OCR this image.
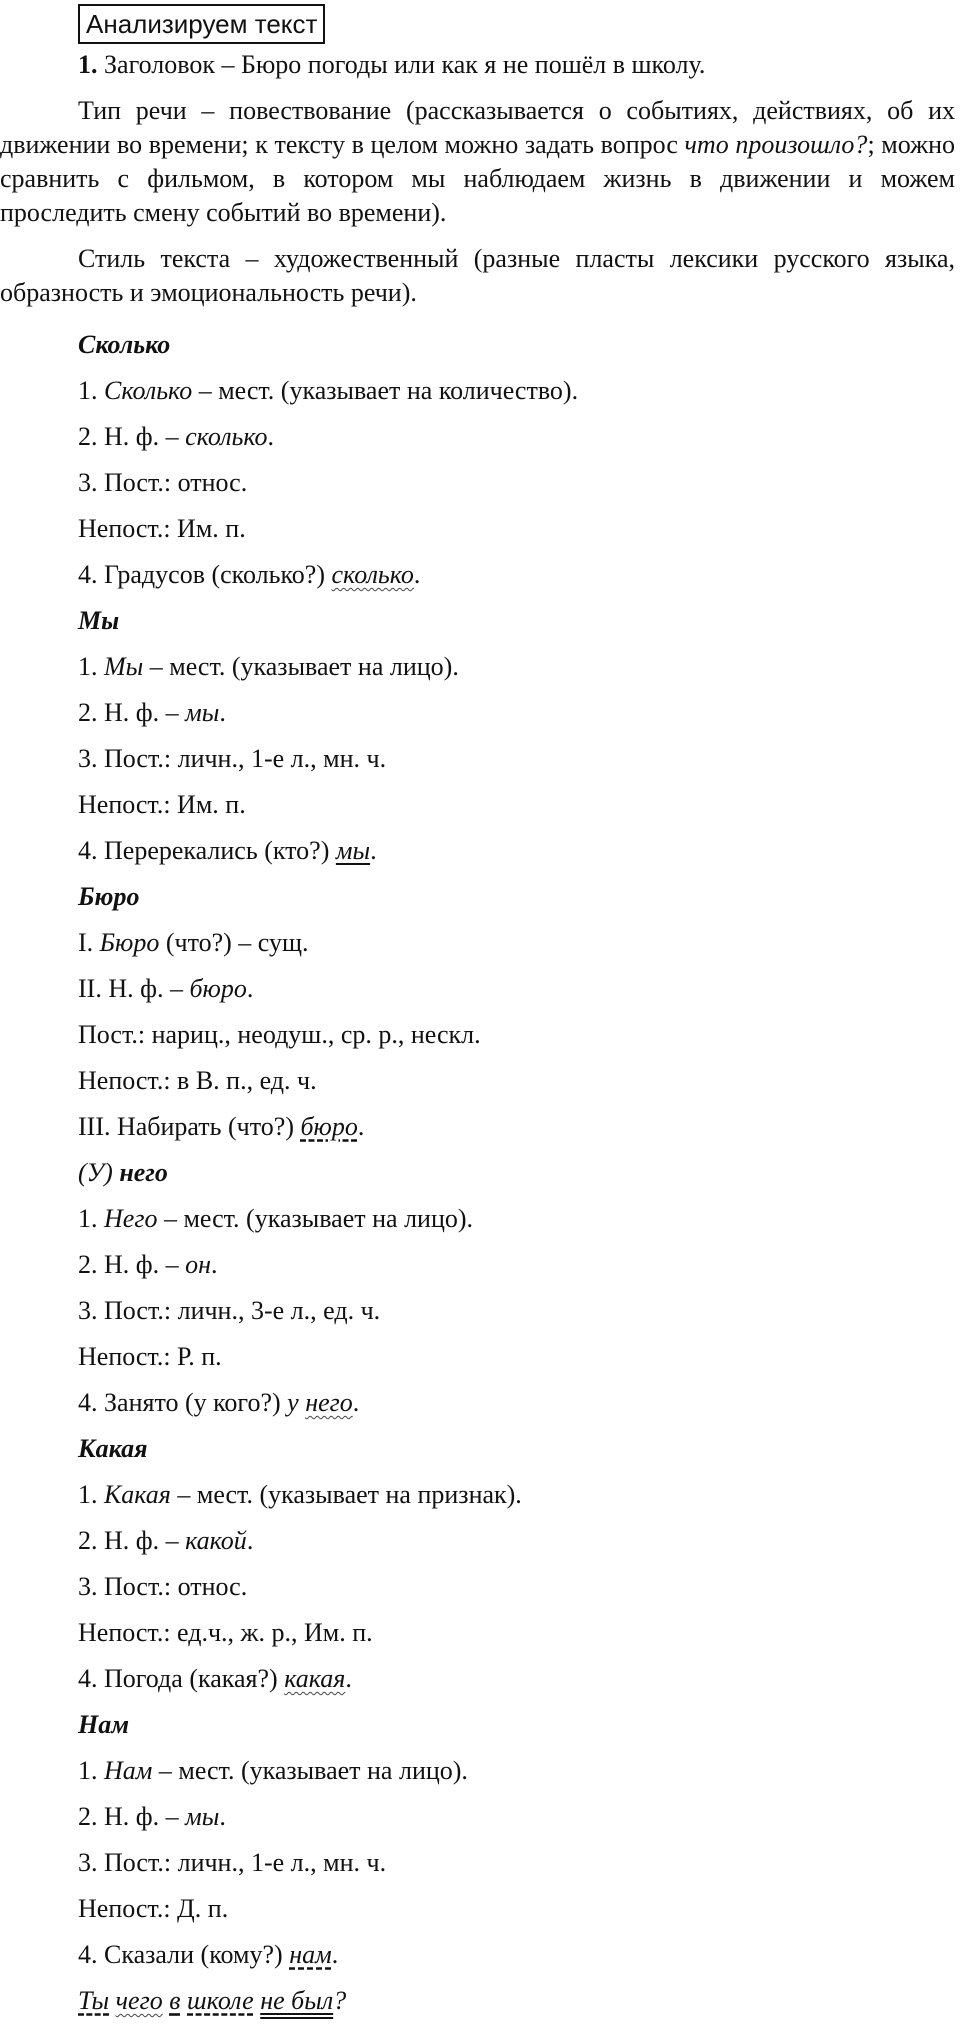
Анализируем текст

1. Заголовок – Бюро погоды или как я не пошёл в школу.

Тип речи – повествование (рассказывается о событиях, действиях, об их движении во времени; к тексту в целом можно задать вопрос что произошло?; можно сравнить с фильмом, в котором мы наблюдаем жизнь в движении и можем проследить смену событий во времени).

Стиль текста – художественный (разные пласты лексики русского языка, образность и эмоциональность речи).

Сколько

1. Сколько – мест. (указывает на количество).

2. Н. ф. – сколько.

3. Пост.: относ.

Непост.: Им. п.

4. Градусов (сколько?) сколько.

Мы

1. Мы – мест. (указывает на лицо).

2. Н. ф. – мы.

3. Пост.: личн., 1-е л., мн. ч.

Непост.: Им. п.

4. Перерекались (кто?) мы.

Бюро

I. Бюро (что?) – сущ.

II. Н. ф. – бюро.

Пост.: нариц., неодуш., ср. р., нескл.

Непост.: в В. п., ед. ч.

III. Набирать (что?) бюро.

(У) него

1. Него – мест. (указывает на лицо).

2. Н. ф. – он.

3. Пост.: личн., 3-е л., ед. ч.

Непост.: Р. п.

4. Занято (у кого?) у него.

Какая

1. Какая – мест. (указывает на признак).

2. Н. ф. – какой.

3. Пост.: относ.

Непост.: ед.ч., ж. р., Им. п.

4. Погода (какая?) какая.

Нам

1. Нам – мест. (указывает на лицо).

2. Н. ф. – мы.

3. Пост.: личн., 1-е л., мн. ч.

Непост.: Д. п.

4. Сказали (кому?) нам.

Ты чего в школе не был?
